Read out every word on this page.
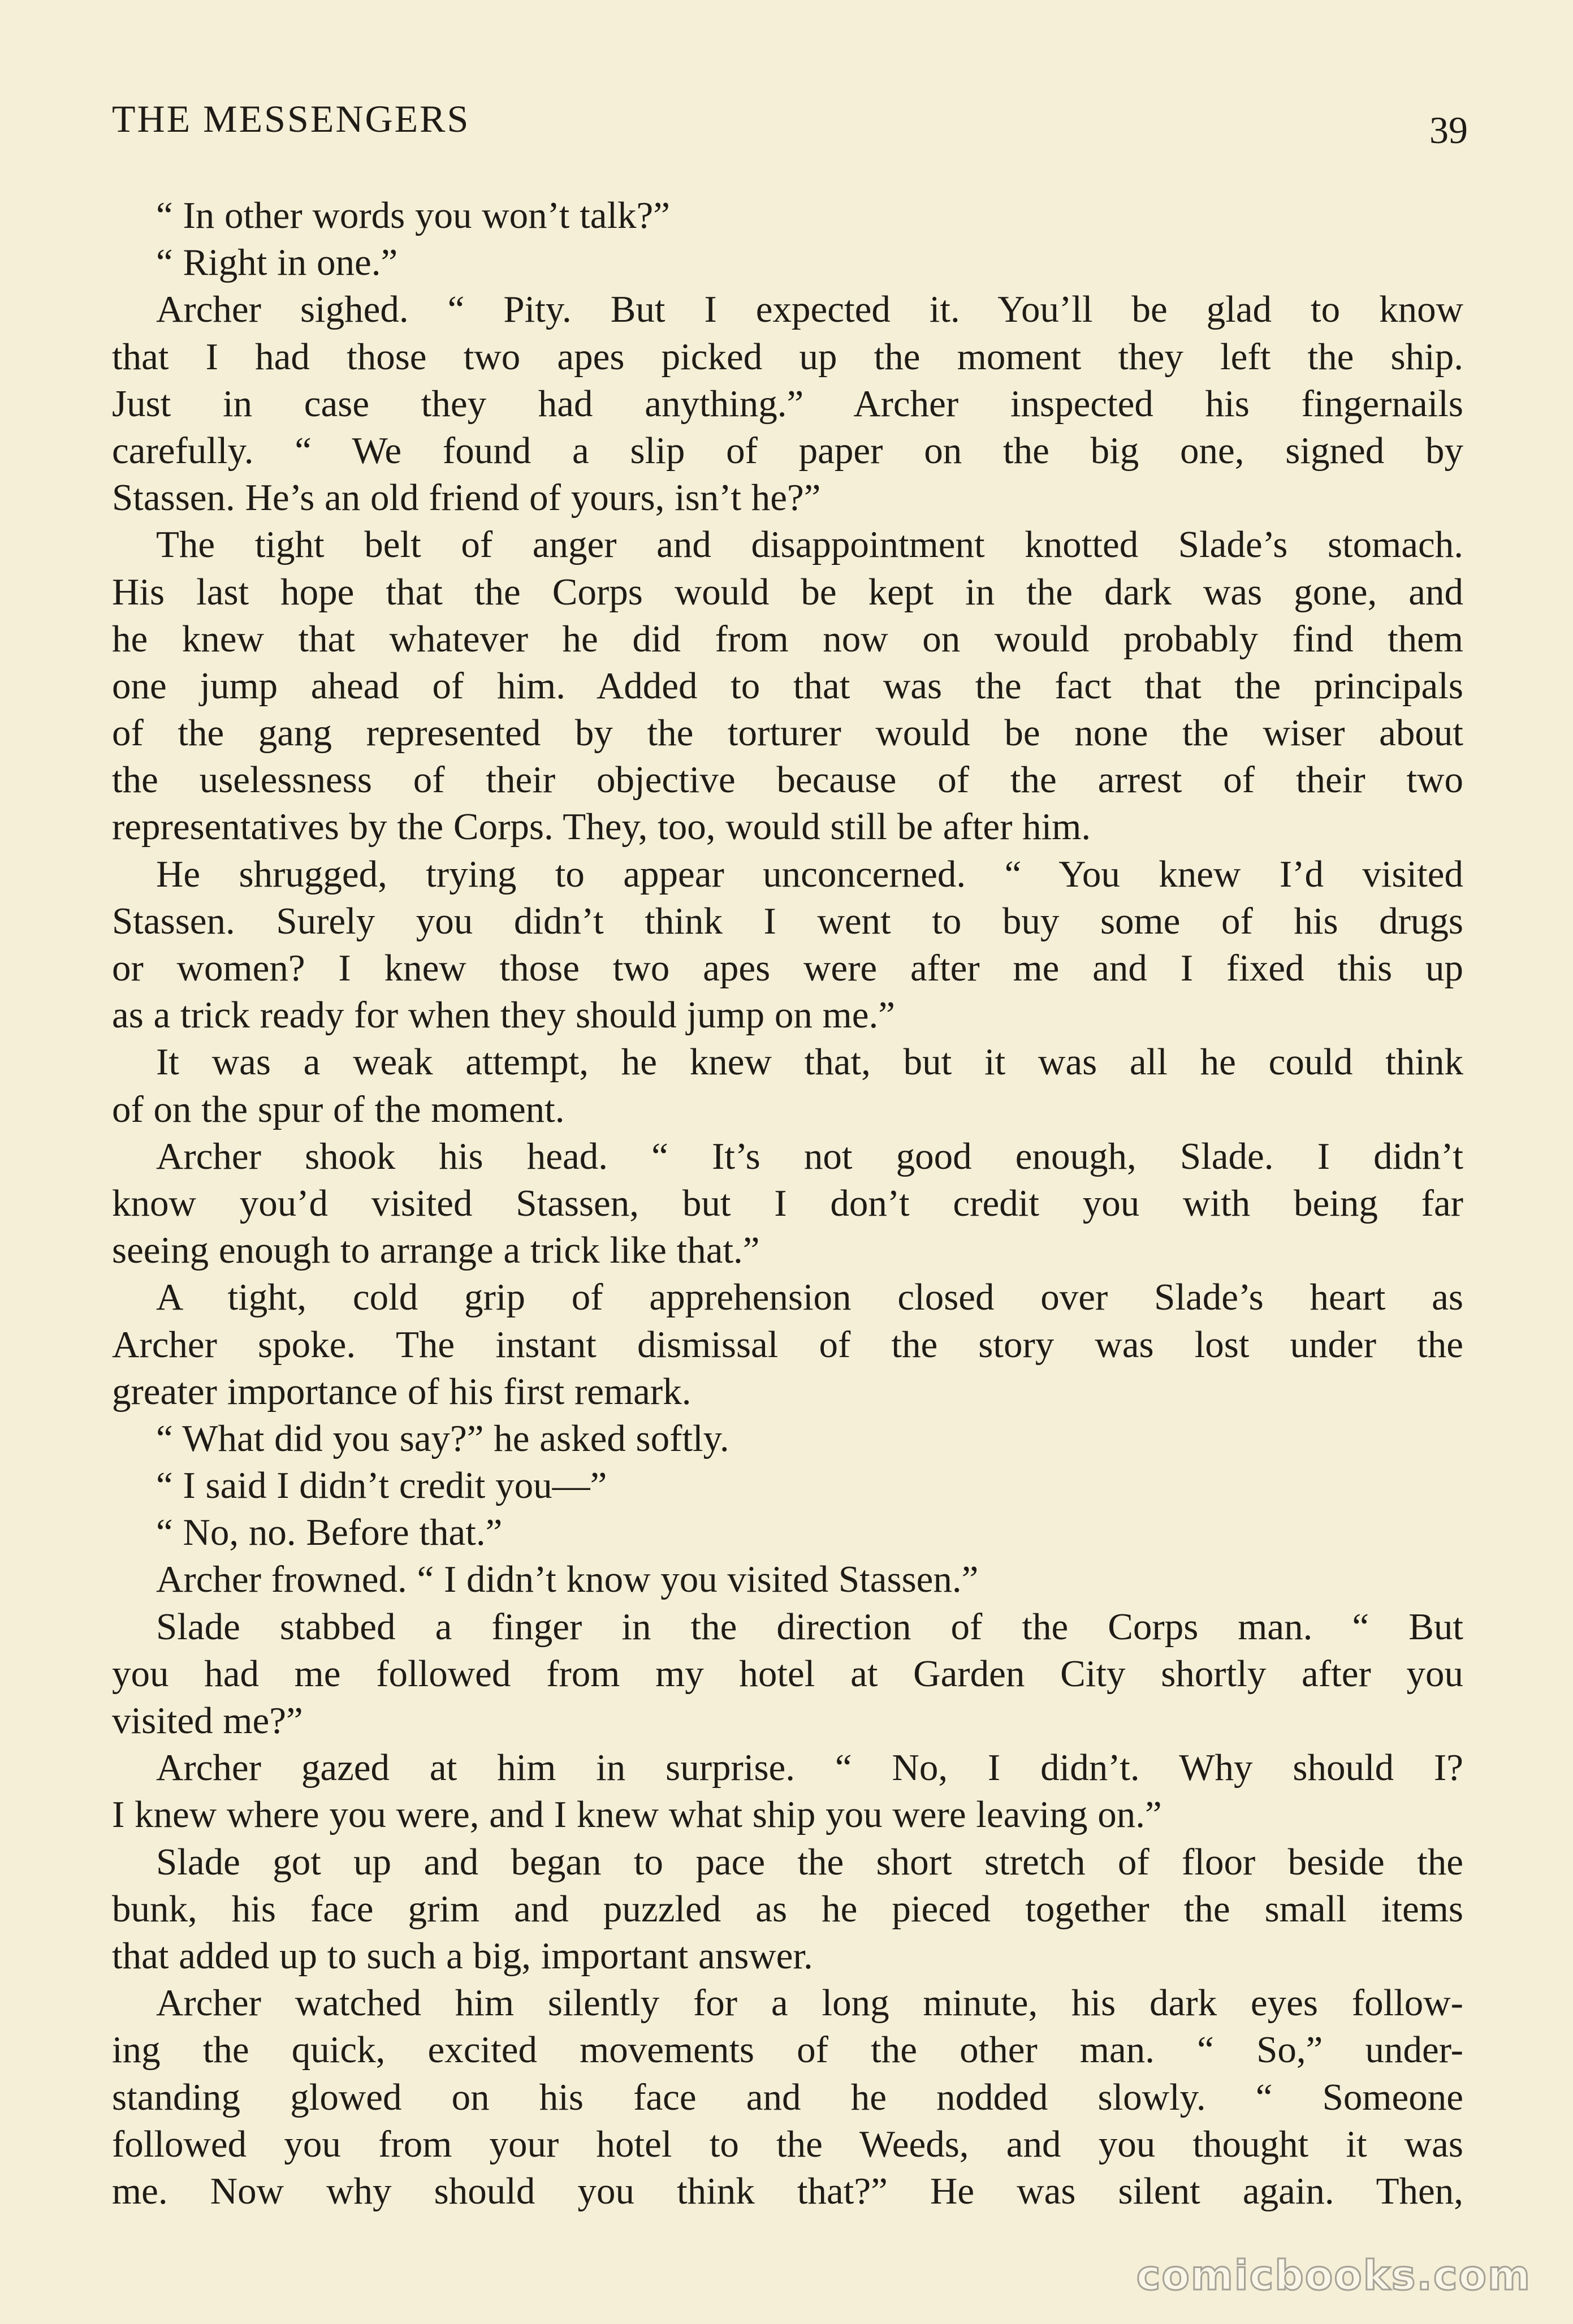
THE MESSENGERS	39
“ In other words you won’t talk?”
“ Right in one.”
Archer sighed. “ Pity. But I expected it. You’ll be glad to know
that I had those two apes picked up the moment they left the ship.
Just in case they had anything.” Archer inspected his fingernails
carefully. “ We found a slip of paper on the big one, signed by
Stassen. He’s an old friend of yours, isn’t he?”
The tight belt of anger and disappointment knotted Slade’s stomach.
His last hope that the Corps would be kept in the dark was gone, and
he knew that whatever he did from now on would probably find them
one jump ahead of him. Added to that was the fact that the principals
of the gang represented by the torturer would be none the wiser about
the uselessness of their objective because of the arrest of their two
representatives by the Corps. They, too, would still be after him.
He shrugged, trying to appear unconcerned. “ You knew I’d visited
Stassen. Surely you didn’t think I went to buy some of his drugs
or women? I knew those two apes were after me and I fixed this up
as a trick ready for when they should jump on me.”
It was a weak attempt, he knew that, but it was all he could think
of on the spur of the moment.
Archer shook his head. “ It’s not good enough, Slade. I didn’t
know you’d visited Stassen, but I don’t credit you with being far
seeing enough to arrange a trick like that.”
A tight, cold grip of apprehension closed over Slade’s heart as
Archer spoke. The instant dismissal of the story was lost under the
greater importance of his first remark.
“ What did you say?” he asked softly.
“ I said I didn’t credit you—”
“ No, no. Before that.”
Archer frowned. “ I didn’t know you visited Stassen.”
Slade stabbed a finger in the direction of the Corps man. “ But
you had me followed from my hotel at Garden City shortly after you
visited me?”
Archer gazed at him in surprise. “ No, I didn’t. Why should I?
I knew where you were, and I knew what ship you were leaving on.”
Slade got up and began to pace the short stretch of floor beside the
bunk, his face grim and puzzled as he pieced together the small items
that added up to such a big, important answer.
Archer watched him silently for a long minute, his dark eyes follow-
ing the quick, excited movements of the other man. “ So,” under-
standing glowed on his face and he nodded slowly. “ Someone
followed you from your hotel to the Weeds, and you thought it was
me. Now why should you think that?” He was silent again. Then,
comicbooks.com
